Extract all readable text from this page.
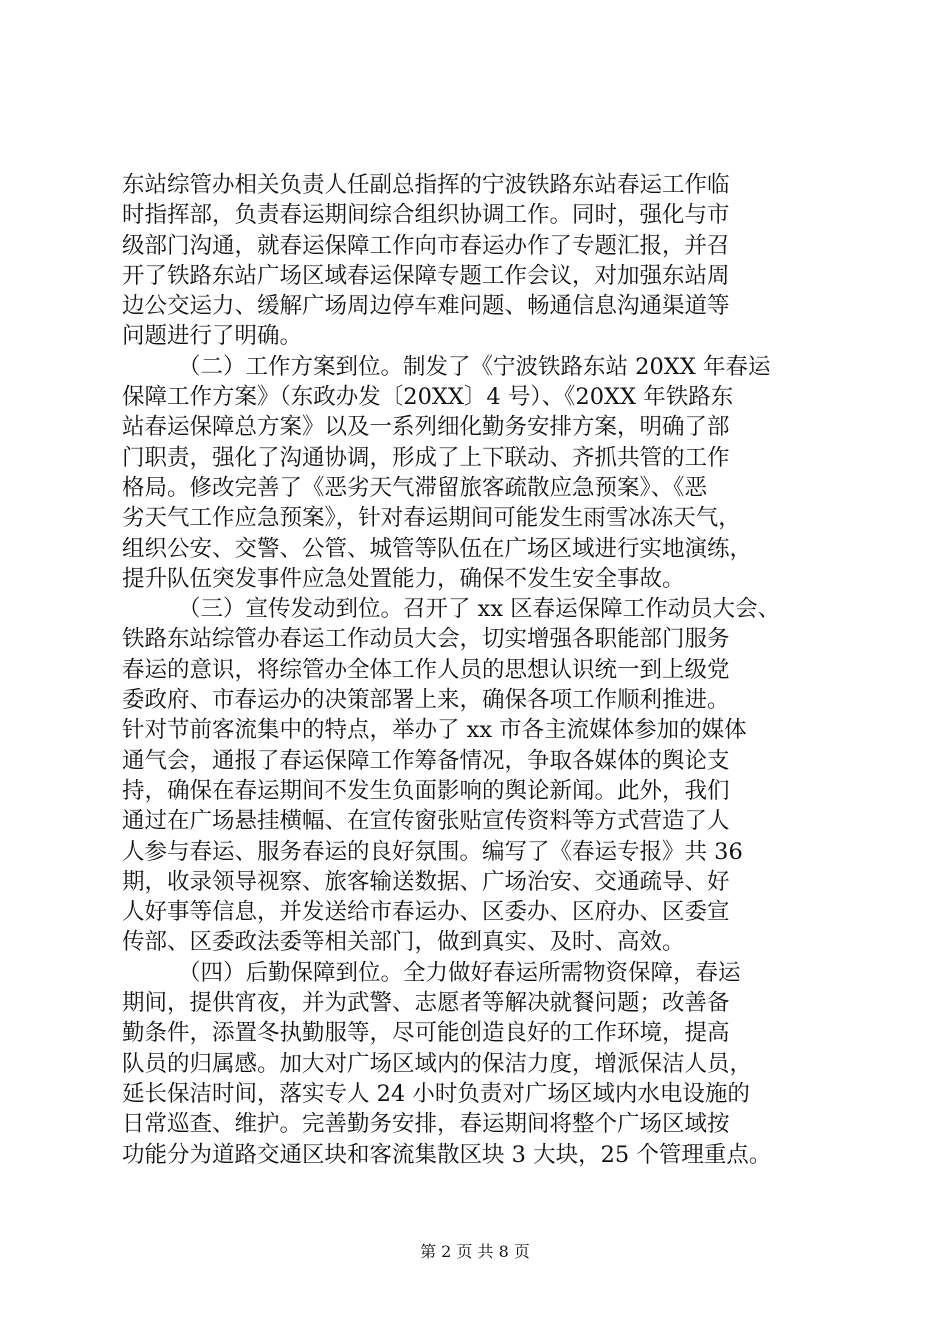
东站综管办相关负责人任副总指挥的宁波铁路东站春运工作临
时指挥部，负责春运期间综合组织协调工作。同时，强化与市
级部门沟通，就春运保障工作向市春运办作了专题汇报，并召
开了铁路东站广场区域春运保障专题工作会议，对加强东站周
边公交运力、缓解广场周边停车难问题、畅通信息沟通渠道等
问题进行了明确。
（二）工作方案到位。制发了《宁波铁路东站 20XX 年春运
保障工作方案》（东政办发〔20XX〕4 号）、《20XX 年铁路东
站春运保障总方案》以及一系列细化勤务安排方案，明确了部
门职责，强化了沟通协调，形成了上下联动、齐抓共管的工作
格局。修改完善了《恶劣天气滞留旅客疏散应急预案》、《恶
劣天气工作应急预案》，针对春运期间可能发生雨雪冰冻天气，
组织公安、交警、公管、城管等队伍在广场区域进行实地演练，
提升队伍突发事件应急处置能力，确保不发生安全事故。
（三）宣传发动到位。召开了 xx 区春运保障工作动员大会、
铁路东站综管办春运工作动员大会，切实增强各职能部门服务
春运的意识，将综管办全体工作人员的思想认识统一到上级党
委政府、市春运办的决策部署上来，确保各项工作顺利推进。
针对节前客流集中的特点，举办了 xx 市各主流媒体参加的媒体
通气会，通报了春运保障工作筹备情况，争取各媒体的舆论支
持，确保在春运期间不发生负面影响的舆论新闻。此外，我们
通过在广场悬挂横幅、在宣传窗张贴宣传资料等方式营造了人
人参与春运、服务春运的良好氛围。编写了《春运专报》共 36
期，收录领导视察、旅客输送数据、广场治安、交通疏导、好
人好事等信息，并发送给市春运办、区委办、区府办、区委宣
传部、区委政法委等相关部门，做到真实、及时、高效。
（四）后勤保障到位。全力做好春运所需物资保障，春运
期间，提供宵夜，并为武警、志愿者等解决就餐问题；改善备
勤条件，添置冬执勤服等，尽可能创造良好的工作环境，提高
队员的归属感。加大对广场区域内的保洁力度，增派保洁人员，
延长保洁时间，落实专人 24 小时负责对广场区域内水电设施的
日常巡查、维护。完善勤务安排，春运期间将整个广场区域按
功能分为道路交通区块和客流集散区块 3 大块，25 个管理重点。
第 2 页 共 8 页
